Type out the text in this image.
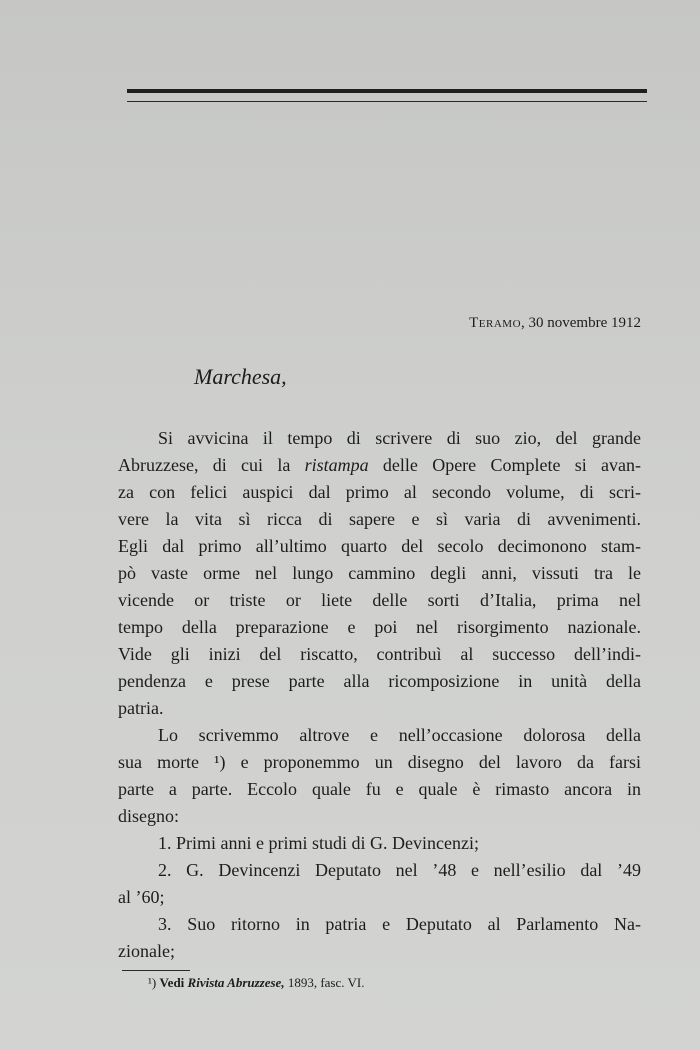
Teramo, 30 novembre 1912
Marchesa,
Si avvicina il tempo di scrivere di suo zio, del grande
Abruzzese, di cui la ristampa delle Opere Complete si avan-
za con felici auspici dal primo al secondo volume, di scri-
vere la vita sì ricca di sapere e sì varia di avvenimenti.
Egli dal primo all’ultimo quarto del secolo decimonono stam-
pò vaste orme nel lungo cammino degli anni, vissuti tra le
vicende or triste or liete delle sorti d’Italia, prima nel
tempo della preparazione e poi nel risorgimento nazionale.
Vide gli inizi del riscatto, contribuì al successo dell’indi-
pendenza e prese parte alla ricomposizione in unità della
patria.
Lo scrivemmo altrove e nell’occasione dolorosa della
sua morte ¹) e proponemmo un disegno del lavoro da farsi
parte a parte. Eccolo quale fu e quale è rimasto ancora in
disegno:
1. Primi anni e primi studi di G. Devincenzi;
2. G. Devincenzi Deputato nel ’48 e nell’esilio dal ’49
al ’60;
3. Suo ritorno in patria e Deputato al Parlamento Na-
zionale;
¹) Vedi Rivista Abruzzese, 1893, fasc. VI.
